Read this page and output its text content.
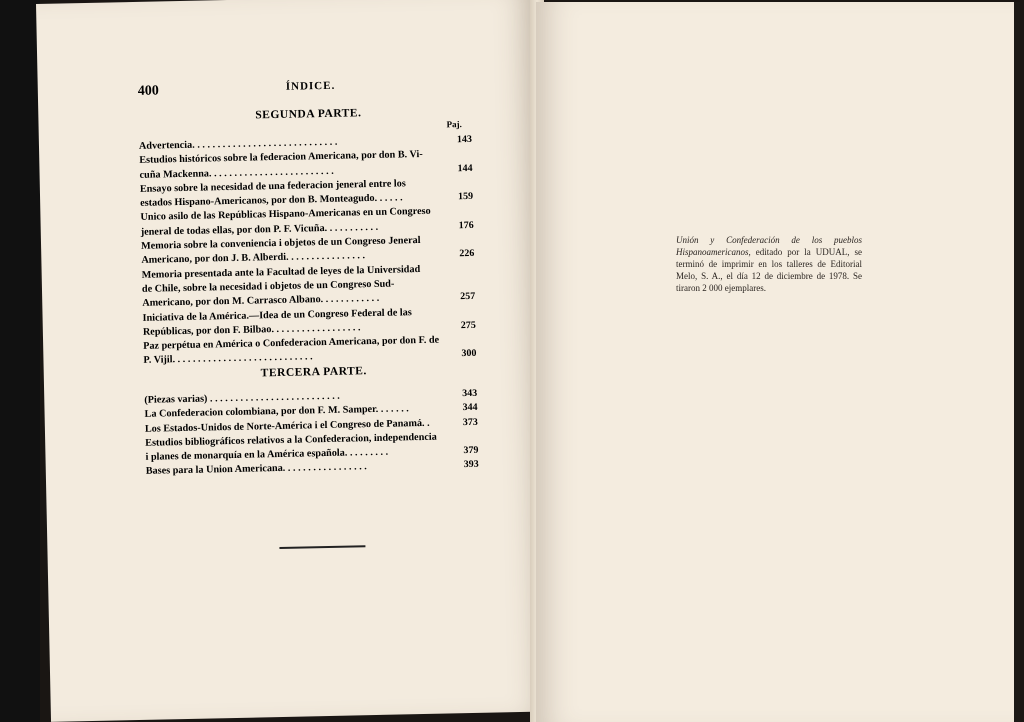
400	ÍNDICE.
SEGUNDA PARTE.
Paj.
Advertencia. . . . . . . . . . . . . . . . . . . . . . . . . . . . .	143
Estudios históricos sobre la federacion Americana, por don B. Vi-
cuña Mackenna. . . . . . . . . . . . . . . . . . . . . . . . .	144
Ensayo sobre la necesidad de una federacion jeneral entre los
estados Hispano-Americanos, por don B. Monteagudo. . . . . .	159
Unico asilo de las Repúblicas Hispano-Americanas en un Congreso
jeneral de todas ellas, por don P. F. Vicuña. . . . . . . . . . .	176
Memoria sobre la conveniencia i objetos de un Congreso Jeneral
Americano, por don J. B. Alberdi. . . . . . . . . . . . . . . .	226
Memoria presentada ante la Facultad de leyes de la Universidad
de Chile, sobre la necesidad i objetos de un Congreso Sud-
Americano, por don M. Carrasco Albano. . . . . . . . . . . .	257
Iniciativa de la América.—Idea de un Congreso Federal de las
Repúblicas, por don F. Bilbao. . . . . . . . . . . . . . . . . .	275
Paz perpétua en América o Confederacion Americana, por don F. de
P. Vijil. . . . . . . . . . . . . . . . . . . . . . . . . . . .	300
TERCERA PARTE.
(Piezas varias) . . . . . . . . . . . . . . . . . . . . . . . . . .	343
La Confederacion colombiana, por don F. M. Samper. . . . . . .	344
Los Estados-Unidos de Norte-América i el Congreso de Panamá. .	373
Estudios bibliográficos relativos a la Confederacion, independencia
i planes de monarquía en la América española. . . . . . . . .	379
Bases para la Union Americana. . . . . . . . . . . . . . . . .	393
Unión y Confederación de los pueblos Hispanoamericanos, editado por la UDUAL, se terminó de imprimir en los talleres de Editorial Melo, S. A., el día 12 de diciembre de 1978. Se tiraron 2 000 ejemplares.
